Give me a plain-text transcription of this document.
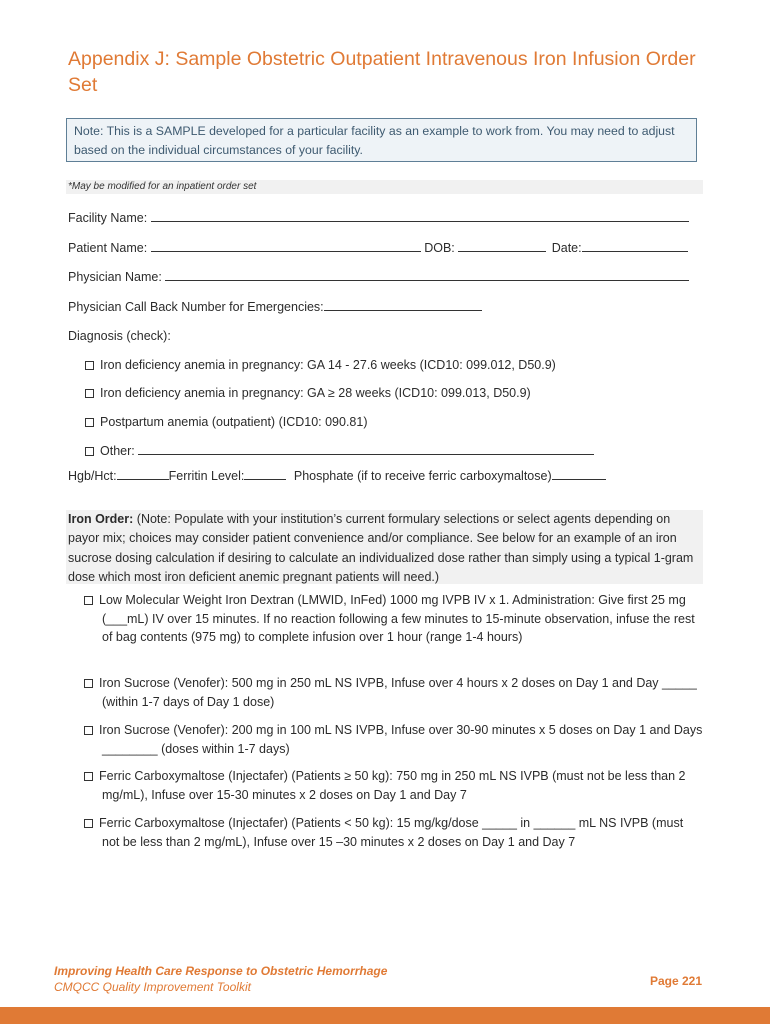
Appendix J: Sample Obstetric Outpatient Intravenous Iron Infusion Order Set
Note: This is a SAMPLE developed for a particular facility as an example to work from. You may need to adjust based on the individual circumstances of your facility.
*May be modified for an inpatient order set
Facility Name:
Patient Name:	DOB:	Date:
Physician Name:
Physician Call Back Number for Emergencies:
Diagnosis (check):
Iron deficiency anemia in pregnancy: GA 14 - 27.6 weeks (ICD10: 099.012, D50.9)
Iron deficiency anemia in pregnancy: GA ≥ 28 weeks (ICD10: 099.013, D50.9)
Postpartum anemia (outpatient) (ICD10: 090.81)
Other:
Hgb/Hct:	Ferritin Level:	Phosphate (if to receive ferric carboxymaltose)
Iron Order: (Note: Populate with your institution’s current formulary selections or select agents depending on payor mix; choices may consider patient convenience and/or compliance. See below for an example of an iron sucrose dosing calculation if desiring to calculate an individualized dose rather than simply using a typical 1-gram dose which most iron deficient anemic pregnant patients will need.)
Low Molecular Weight Iron Dextran (LMWID, InFed) 1000 mg IVPB IV x 1. Administration: Give first 25 mg (___mL) IV over 15 minutes. If no reaction following a few minutes to 15-minute observation, infuse the rest of bag contents (975 mg) to complete infusion over 1 hour (range 1-4 hours)
Iron Sucrose (Venofer): 500 mg in 250 mL NS IVPB, Infuse over 4 hours x 2 doses on Day 1 and Day _____ (within 1-7 days of Day 1 dose)
Iron Sucrose (Venofer): 200 mg in 100 mL NS IVPB, Infuse over 30-90 minutes x 5 doses on Day 1 and Days ________ (doses within 1-7 days)
Ferric Carboxymaltose (Injectafer) (Patients ≥ 50 kg): 750 mg in 250 mL NS IVPB (must not be less than 2 mg/mL), Infuse over 15-30 minutes x 2 doses on Day 1 and Day 7
Ferric Carboxymaltose (Injectafer) (Patients < 50 kg): 15 mg/kg/dose _____ in ______ mL NS IVPB (must not be less than 2 mg/mL), Infuse over 15 –30 minutes x 2 doses on Day 1 and Day 7
Improving Health Care Response to Obstetric Hemorrhage
CMQCC Quality Improvement Toolkit	Page 221
